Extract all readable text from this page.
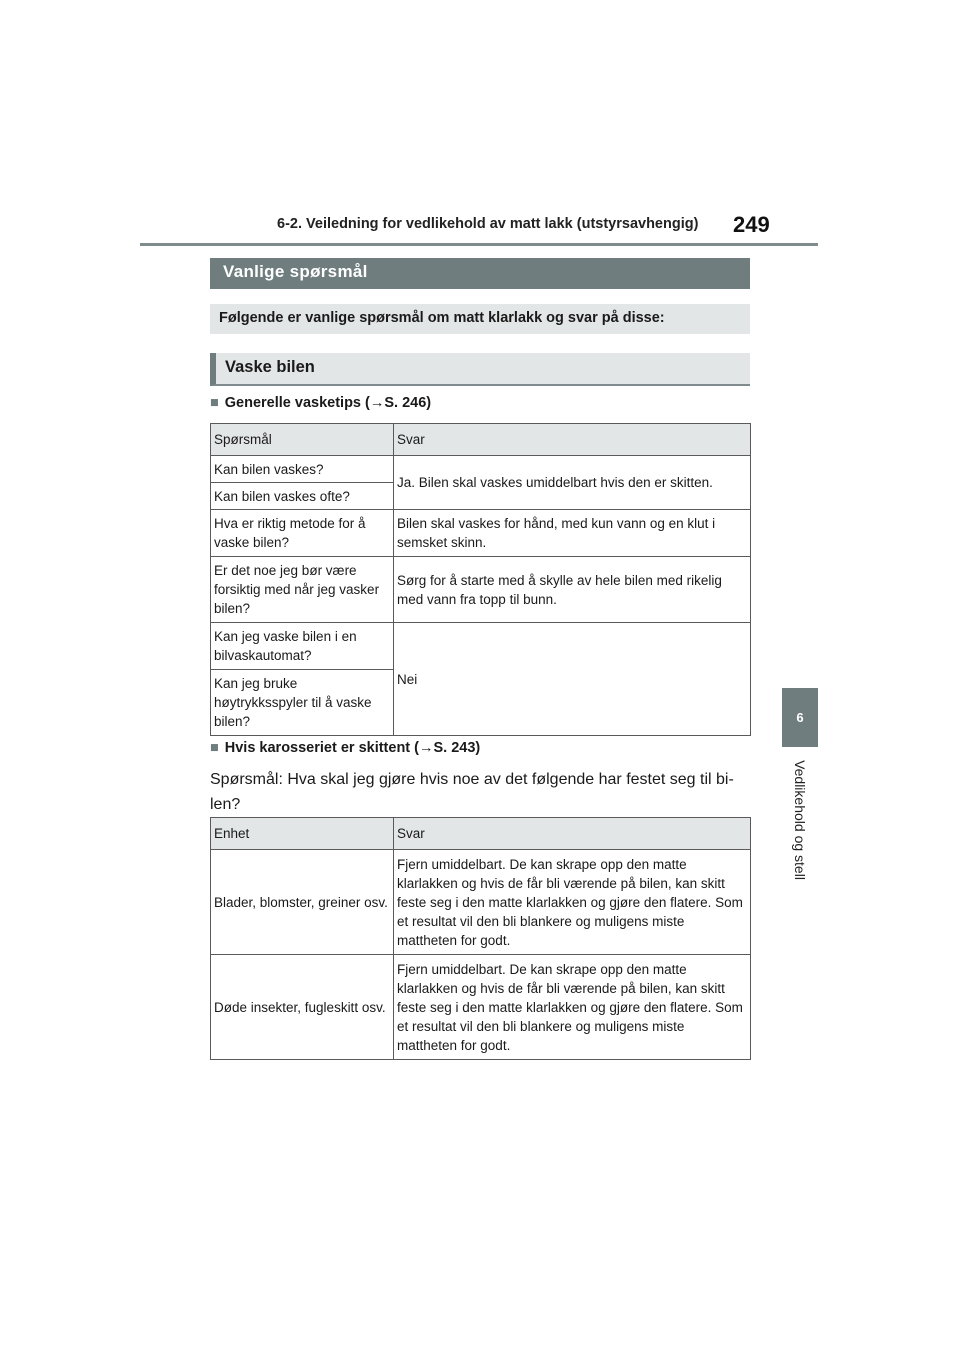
6-2. Veiledning for vedlikehold av matt lakk (utstyrsavhengig) 249
6
Vedlikehold og stell
Vanlige spørsmål
Følgende er vanlige spørsmål om matt klarlakk og svar på disse:
Vaske bilen
■ Generelle vasketips (→S. 246)
Spørsmål	Svar
Kan bilen vaskes?	Ja. Bilen skal vaskes umiddelbart hvis den er skitten.
Kan bilen vaskes ofte?	
Hva er riktig metode for å vaske bilen?	Bilen skal vaskes for hånd, med kun vann og en klut i semsket skinn.
Er det noe jeg bør være forsiktig med når jeg vasker bilen?	Sørg for å starte med å skylle av hele bilen med rikelig med vann fra topp til bunn.
Kan jeg vaske bilen i en bilvaskautomat?	Nei
Kan jeg bruke høytrykksspyler til å vaske bilen?	
■ Hvis karosseriet er skittent (→S. 243)
Spørsmål: Hva skal jeg gjøre hvis noe av det følgende har festet seg til bi-len?
Enhet	Svar
Blader, blomster, greiner osv.	Fjern umiddelbart. De kan skrape opp den matte klarlakken og hvis de får bli værende på bilen, kan skitt feste seg i den matte klarlakken og gjøre den flatere. Som et resultat vil den bli blankere og muligens miste mattheten for godt.
Døde insekter, fugleskitt osv.	Fjern umiddelbart. De kan skrape opp den matte klarlakken og hvis de får bli værende på bilen, kan skitt feste seg i den matte klarlakken og gjøre den flatere. Som et resultat vil den bli blankere og muligens miste mattheten for godt.
